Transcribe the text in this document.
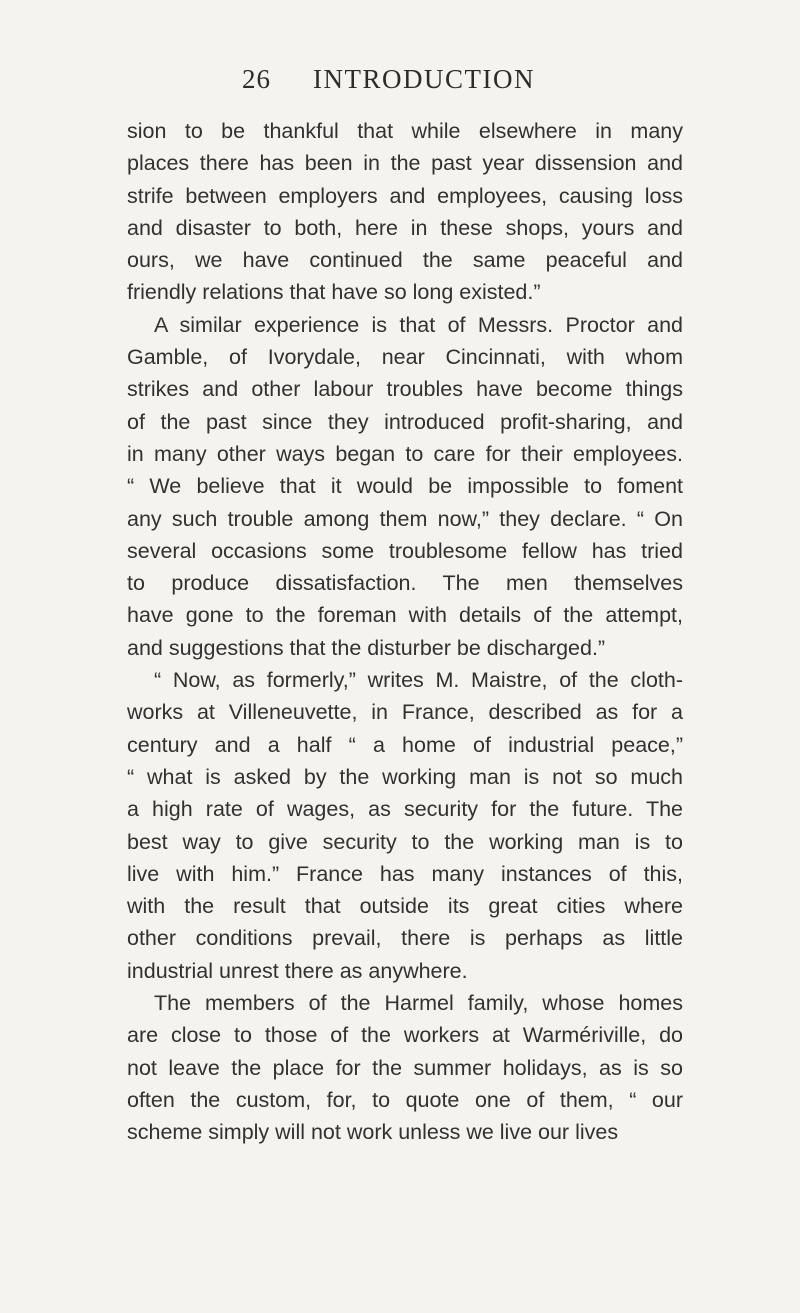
26 INTRODUCTION
sion to be thankful that while elsewhere in many
places there has been in the past year dissension and
strife between employers and employees, causing loss
and disaster to both, here in these shops, yours and
ours, we have continued the same peaceful and
friendly relations that have so long existed.”
A similar experience is that of Messrs. Proctor and
Gamble, of Ivorydale, near Cincinnati, with whom
strikes and other labour troubles have become things
of the past since they introduced profit-sharing, and
in many other ways began to care for their employees.
“ We believe that it would be impossible to foment
any such trouble among them now,” they declare. “ On
several occasions some troublesome fellow has tried
to produce dissatisfaction. The men themselves
have gone to the foreman with details of the attempt,
and suggestions that the disturber be discharged.”
“ Now, as formerly,” writes M. Maistre, of the cloth-
works at Villeneuvette, in France, described as for a
century and a half “ a home of industrial peace,”
“ what is asked by the working man is not so much
a high rate of wages, as security for the future. The
best way to give security to the working man is to
live with him.” France has many instances of this,
with the result that outside its great cities where
other conditions prevail, there is perhaps as little
industrial unrest there as anywhere.
The members of the Harmel family, whose homes
are close to those of the workers at Warmériville, do
not leave the place for the summer holidays, as is so
often the custom, for, to quote one of them, “ our
scheme simply will not work unless we live our lives
